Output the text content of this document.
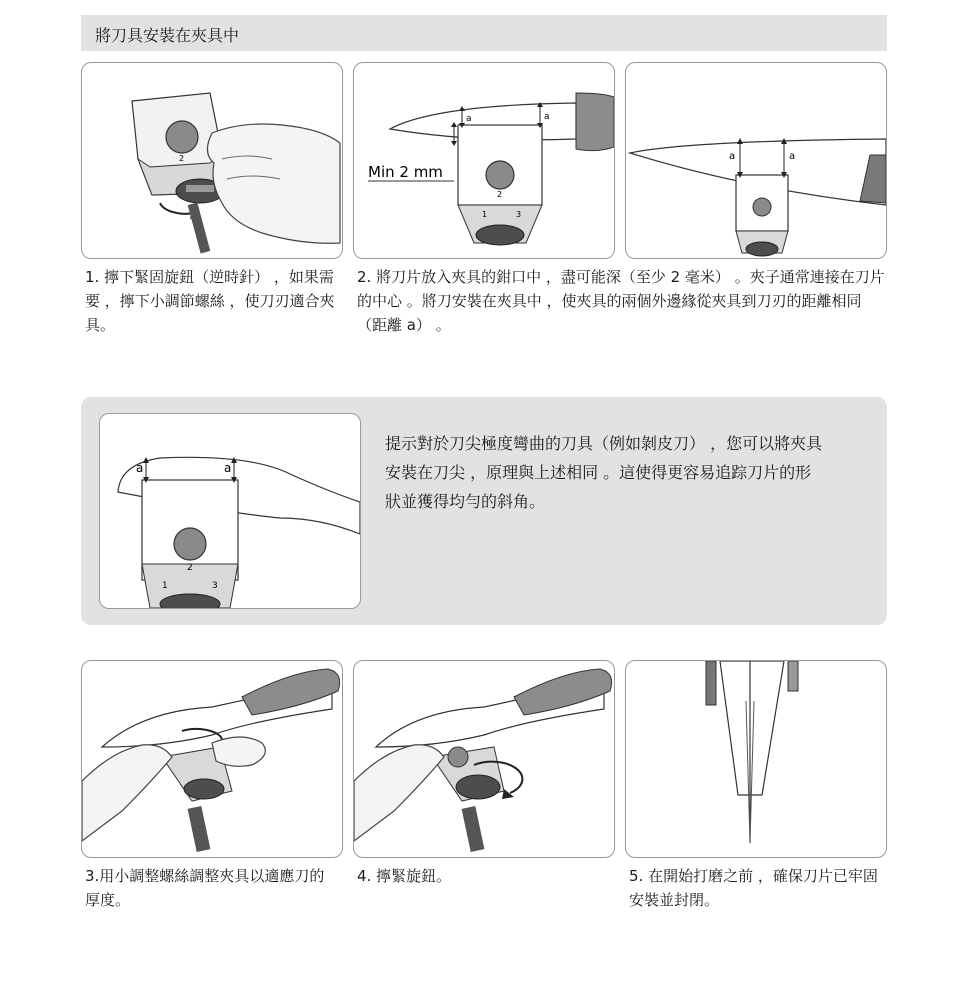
將刀具安裝在夾具中
2
2
1	3
a	a
Min 2 mm
a	a
1. 擰下緊固旋鈕（逆時針） ，如果需要 ，擰下小調節螺絲 ，使刀刃適合夾具。
2. 將刀片放入夾具的鉗口中 ，盡可能深（至少 2 毫米） 。夾子通常連接在刀片的中心 。將刀安裝在夾具中 ，使夾具的兩個外邊緣從夾具到刀刃的距離相同（距離 a） 。
2
1	3
a	a
提示對於刀尖極度彎曲的刀具（例如剝皮刀） ，您可以將夾具安裝在刀尖 ，原理與上述相同 。這使得更容易追踪刀片的形狀並獲得均勻的斜角。
3.用小調整螺絲調整夾具以適應刀的厚度。
4. 擰緊旋鈕。	5. 在開始打磨之前 ，確保刀片已牢固安裝並封閉。
